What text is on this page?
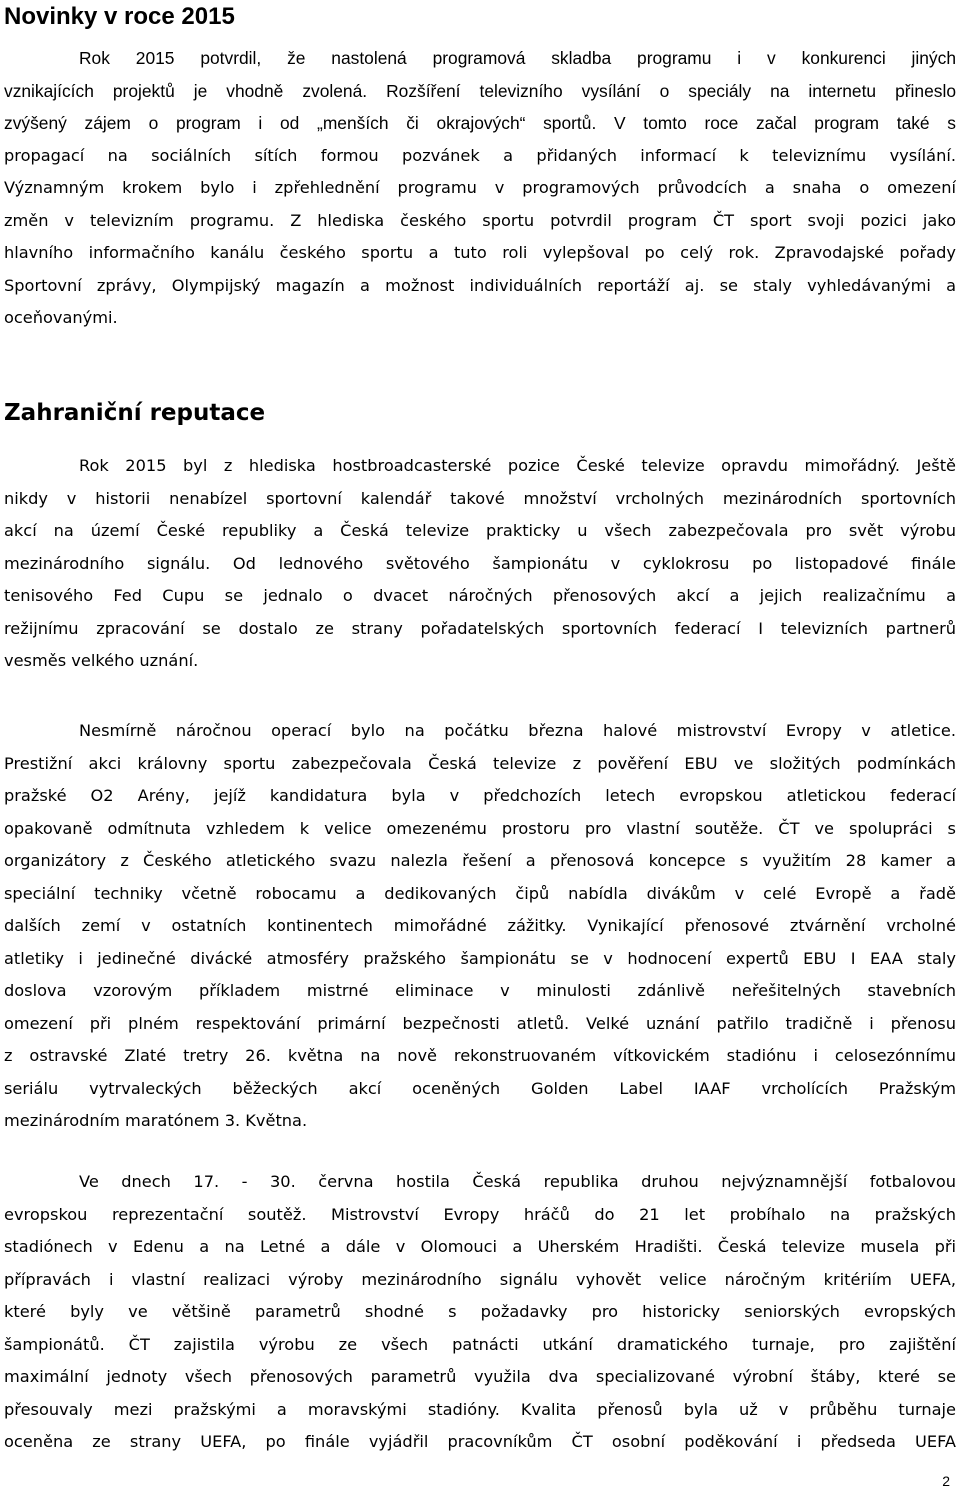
Novinky v roce 2015
Rok 2015 potvrdil, že nastolená programová skladba programu i v konkurenci jiných
vznikajících projektů je vhodně zvolená. Rozšíření televizního vysílání o speciály na internetu přineslo
zvýšený zájem o program i od „menších či okrajových“ sportů. V tomto roce začal program také s
propagací na sociálních sítích formou pozvánek a přidaných informací k televiznímu vysílání.
Významným krokem bylo i zpřehlednění programu v programových průvodcích a snaha o omezení
změn v televizním programu. Z hlediska českého sportu potvrdil program ČT sport svoji pozici jako
hlavního informačního kanálu českého sportu a tuto roli vylepšoval po celý rok. Zpravodajské pořady
Sportovní zprávy, Olympijský magazín a možnost individuálních reportáží aj. se staly vyhledávanými a
oceňovanými.
Zahraniční reputace
Rok 2015 byl z hlediska hostbroadcasterské pozice České televize opravdu mimořádný. Ještě
nikdy v historii nenabízel sportovní kalendář takové množství vrcholných mezinárodních sportovních
akcí na území České republiky a Česká televize prakticky u všech zabezpečovala pro svět výrobu
mezinárodního signálu. Od lednového světového šampionátu v cyklokrosu po listopadové finále
tenisového Fed Cupu se jednalo o dvacet náročných přenosových akcí a jejich realizačnímu a
režijnímu zpracování se dostalo ze strany pořadatelských sportovních federací I televizních partnerů
vesměs velkého uznání.
Nesmírně náročnou operací bylo na počátku března halové mistrovství Evropy v atletice.
Prestižní akci královny sportu zabezpečovala Česká televize z pověření EBU ve složitých podmínkách
pražské O2 Arény, jejíž kandidatura byla v předchozích letech evropskou atletickou federací
opakovaně odmítnuta vzhledem k velice omezenému prostoru pro vlastní soutěže. ČT ve spolupráci s
organizátory z Českého atletického svazu nalezla řešení a přenosová koncepce s využitím 28 kamer a
speciální techniky včetně robocamu a dedikovaných čipů nabídla divákům v celé Evropě a řadě
dalších zemí v ostatních kontinentech mimořádné zážitky. Vynikající přenosové ztvárnění vrcholné
atletiky i jedinečné divácké atmosféry pražského šampionátu se v hodnocení expertů EBU I EAA staly
doslova vzorovým příkladem mistrné eliminace v minulosti zdánlivě neřešitelných stavebních
omezení při plném respektování primární bezpečnosti atletů. Velké uznání patřilo tradičně i přenosu
z ostravské Zlaté tretry 26. května na nově rekonstruovaném vítkovickém stadiónu i celosezónnímu
seriálu vytrvaleckých běžeckých akcí oceněných Golden Label IAAF vrcholících Pražským
mezinárodním maratónem 3. Května.
Ve dnech 17. - 30. června hostila Česká republika druhou nejvýznamnější fotbalovou
evropskou reprezentační soutěž. Mistrovství Evropy hráčů do 21 let probíhalo na pražských
stadiónech v Edenu a na Letné a dále v Olomouci a Uherském Hradišti. Česká televize musela při
přípravách i vlastní realizaci výroby mezinárodního signálu vyhovět velice náročným kritériím UEFA,
které byly ve většině parametrů shodné s požadavky pro historicky seniorských evropských
šampionátů. ČT zajistila výrobu ze všech patnácti utkání dramatického turnaje, pro zajištění
maximální jednoty všech přenosových parametrů využila dva specializované výrobní štáby, které se
přesouvaly mezi pražskými a moravskými stadióny. Kvalita přenosů byla už v průběhu turnaje
oceněna ze strany UEFA, po finále vyjádřil pracovníkům ČT osobní poděkování i předseda UEFA
2
